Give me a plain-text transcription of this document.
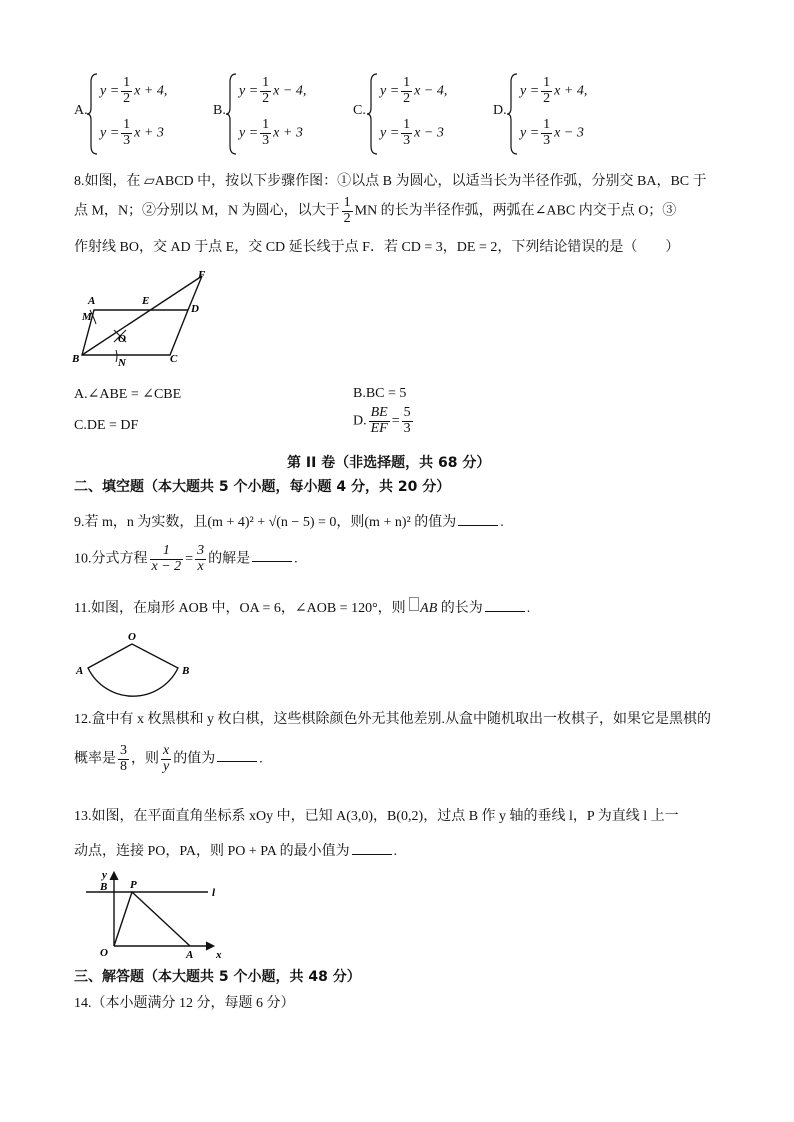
A.
$y = \frac{1}{2}$ x + 4,
$y = \frac{1}{3}$ x + 3
B.
$y = \frac{1}{2}$ x − 4,
$y = \frac{1}{3}$ x + 3
C.
$y = \frac{1}{2}$ x − 4,
$y = \frac{1}{3}$ x − 3
D.
$y = \frac{1}{2}$ x + 4,
$y = \frac{1}{3}$ x − 3
8.如图，在 ▱ABCD 中，按以下步骤作图：①以点 B 为圆心，以适当长为半径作弧，分别交 BA，BC 于
点 M，N；②分别以 M，N 为圆心，以大于 $\frac{1}{2}$ MN 的长为半径作弧，两弧在∠ABC 内交于点 O；③
作射线 BO，交 AD 于点 E，交 CD 延长线于点 F．若 CD = 3，DE = 2，下列结论错误的是（　　）
A	E
F
D
M
O
B	N	C
A.∠ABE = ∠CBE	B.BC = 5
C.DE = DF	D. $\frac{BE}{EF} = \frac{5}{3}$
第 II 卷（非选择题，共 68 分）
二、填空题（本大题共 5 个小题，每小题 4 分，共 20 分）
9.若 m，n 为实数，且(m + 4)² + √(n − 5) = 0，则(m + n)² 的值为	.
10.分式方程 $\frac{1}{x - 2} = \frac{3}{x}$ 的解是	.
11.如图，在扇形 AOB 中，OA = 6，∠AOB = 120°，则 AB 的长为	.
O
A	B
12.盒中有 x 枚黑棋和 y 枚白棋，这些棋除颜色外无其他差别.从盒中随机取出一枚棋子，如果它是黑棋的
概率是 $\frac{3}{8}$ ，则 $\frac{x}{y}$ 的值为	.
13.如图，在平面直角坐标系 xOy 中，已知 A(3,0)，B(0,2)，过点 B 作 y 轴的垂线 l，P 为直线 l 上一
动点，连接 PO，PA，则 PO + PA 的最小值为	.
y
B P
l
O	A x
三、解答题（本大题共 5 个小题，共 48 分）
14.（本小题满分 12 分，每题 6 分）
